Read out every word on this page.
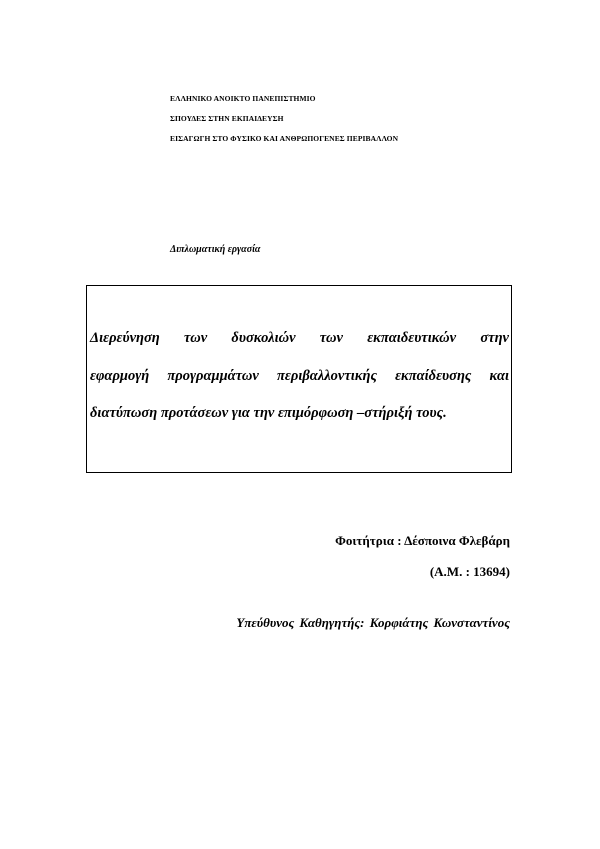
ΕΛΛΗΝΙΚΟ ΑΝΟΙΚΤΟ ΠΑΝΕΠΙΣΤΗΜΙΟ
ΣΠΟΥΔΕΣ ΣΤΗΝ ΕΚΠΑΙΔΕΥΣΗ
ΕΙΣΑΓΩΓΗ ΣΤΟ ΦΥΣΙΚΟ ΚΑΙ ΑΝΘΡΩΠΟΓΕΝΕΣ ΠΕΡΙΒΑΛΛΟΝ
Διπλωματική εργασία
Διερεύνηση των δυσκολιών των εκπαιδευτικών στην
εφαρμογή προγραμμάτων περιβαλλοντικής εκπαίδευσης και
διατύπωση προτάσεων για την επιμόρφωση –στήριξή τους.
Φοιτήτρια : Δέσποινα Φλεβάρη
(Α.Μ. : 13694)
Υπεύθυνος Καθηγητής: Κορφιάτης Κωνσταντίνος
